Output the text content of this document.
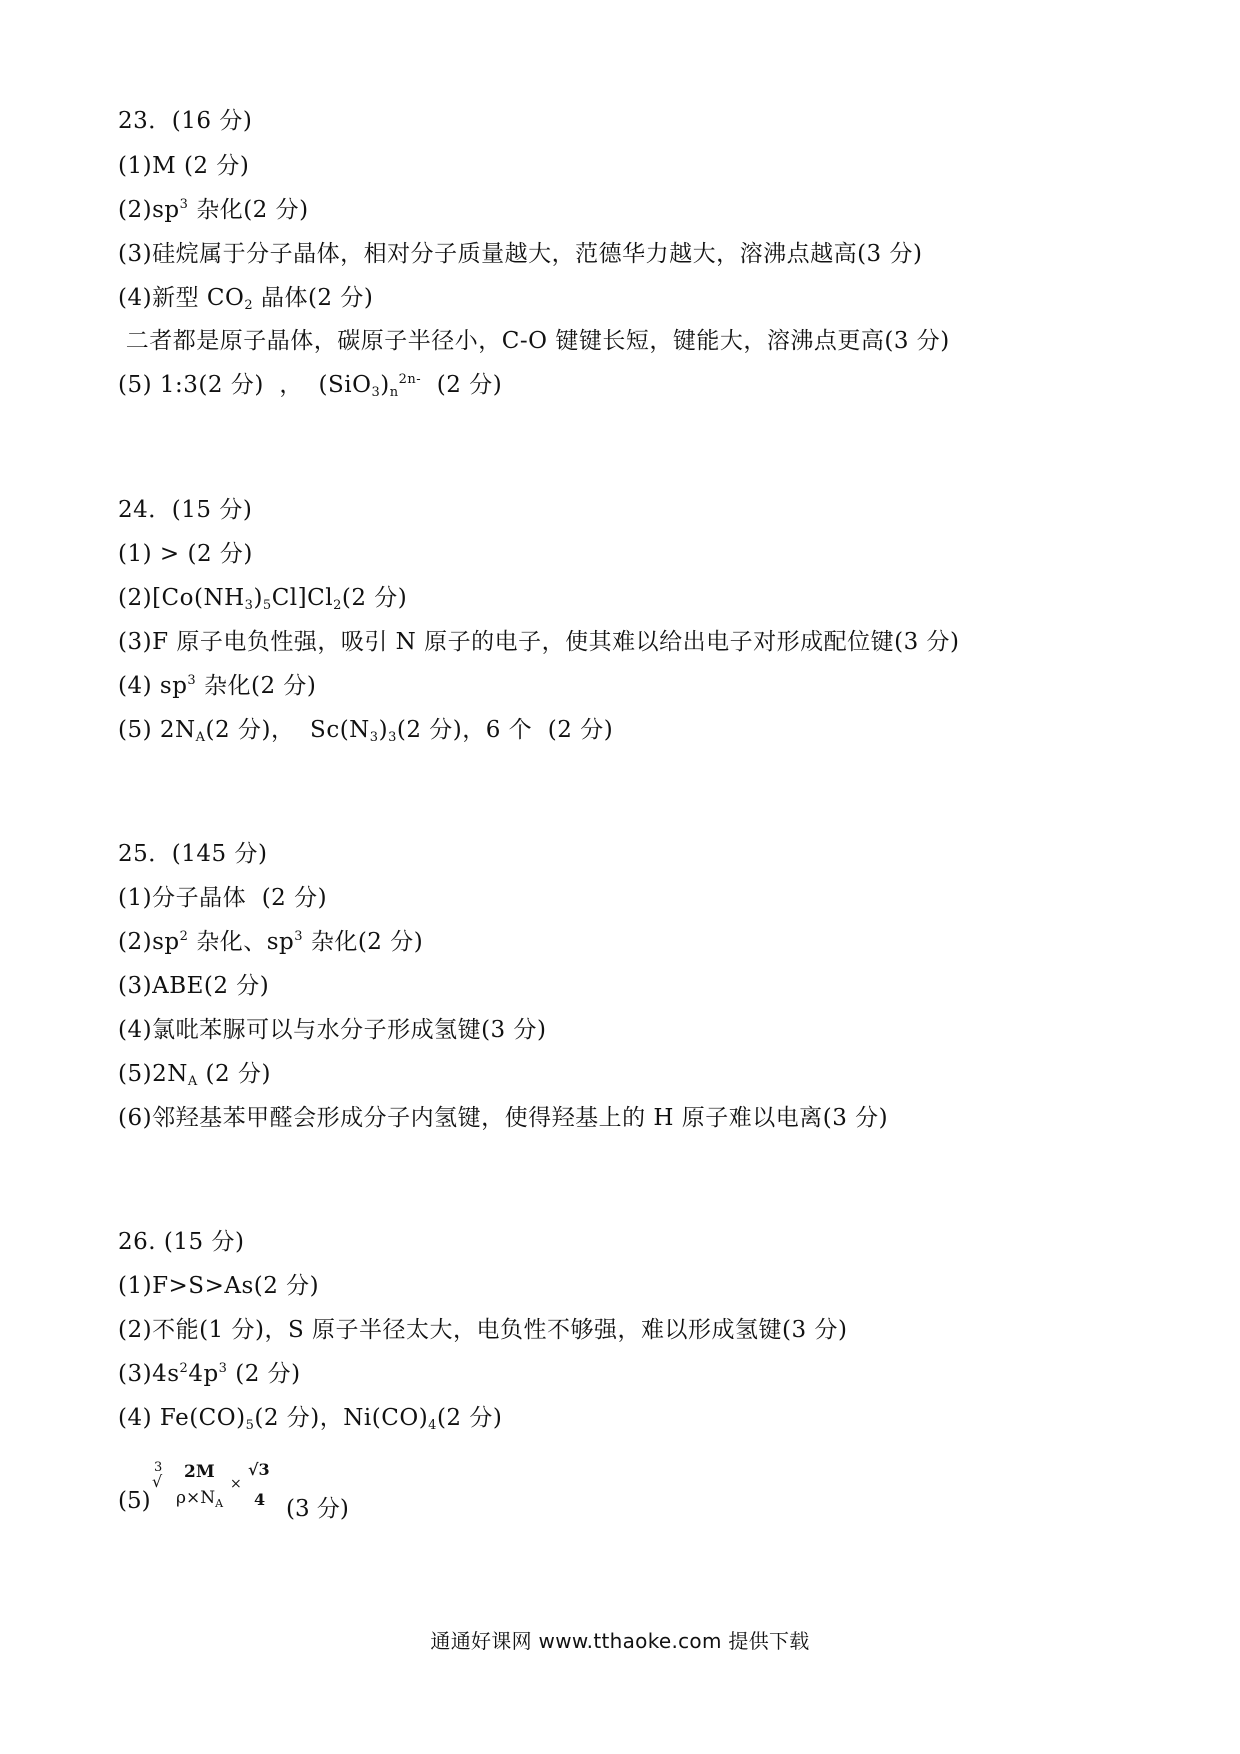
23．(16 分)
(1)M (2 分)
$(2)sp^3$ 杂化(2 分)
(3)硅烷属于分子晶体，相对分子质量越大，范德华力越大，溶沸点越高(3 分)
(4)新型 $CO_2$ 晶体(2 分)
二者都是原子晶体，碳原子半径小，C-O 键键长短，键能大，溶沸点更高(3 分)
(5) 1:3(2 分)  ，  $(SiO_3)_n^{2n-}$  (2 分)
24．(15 分)
(1) > (2 分)
$(2)[Co(NH_3)_5Cl]Cl_2(2$ 分)
(3)F 原子电负性强，吸引 N 原子的电子，使其难以给出电子对形成配位键(3 分)
(4) $sp^3$ 杂化(2 分)
(5) $2N_A(2$ 分)，  $Sc(N_3)_3(2$ 分)，6 个  (2 分)
25．(145 分)
(1)分子晶体  (2 分)
$(2)sp^2$ 杂化、$sp^3$ 杂化(2 分)
(3)ABE(2 分)
(4)氯吡苯脲可以与水分子形成氢键(3 分)
$(5)2N_A$ (2 分)
(6)邻羟基苯甲醛会形成分子内氢键，使得羟基上的 H 原子难以电离(3 分)
26. (15 分)
(1)F>S>As(2 分)
(2)不能(1 分)，S 原子半径太大，电负性不够强，难以形成氢键(3 分)
$(3)4s^24p^3$ (2 分)
(4) $Fe(CO)_5(2$ 分)，$Ni(CO)_4(2$ 分)
(5)
3
√ 2M
$\rho\times N_A$
×
√3
4 (3 分)
通通好课网 www.tthaoke.com 提供下载
